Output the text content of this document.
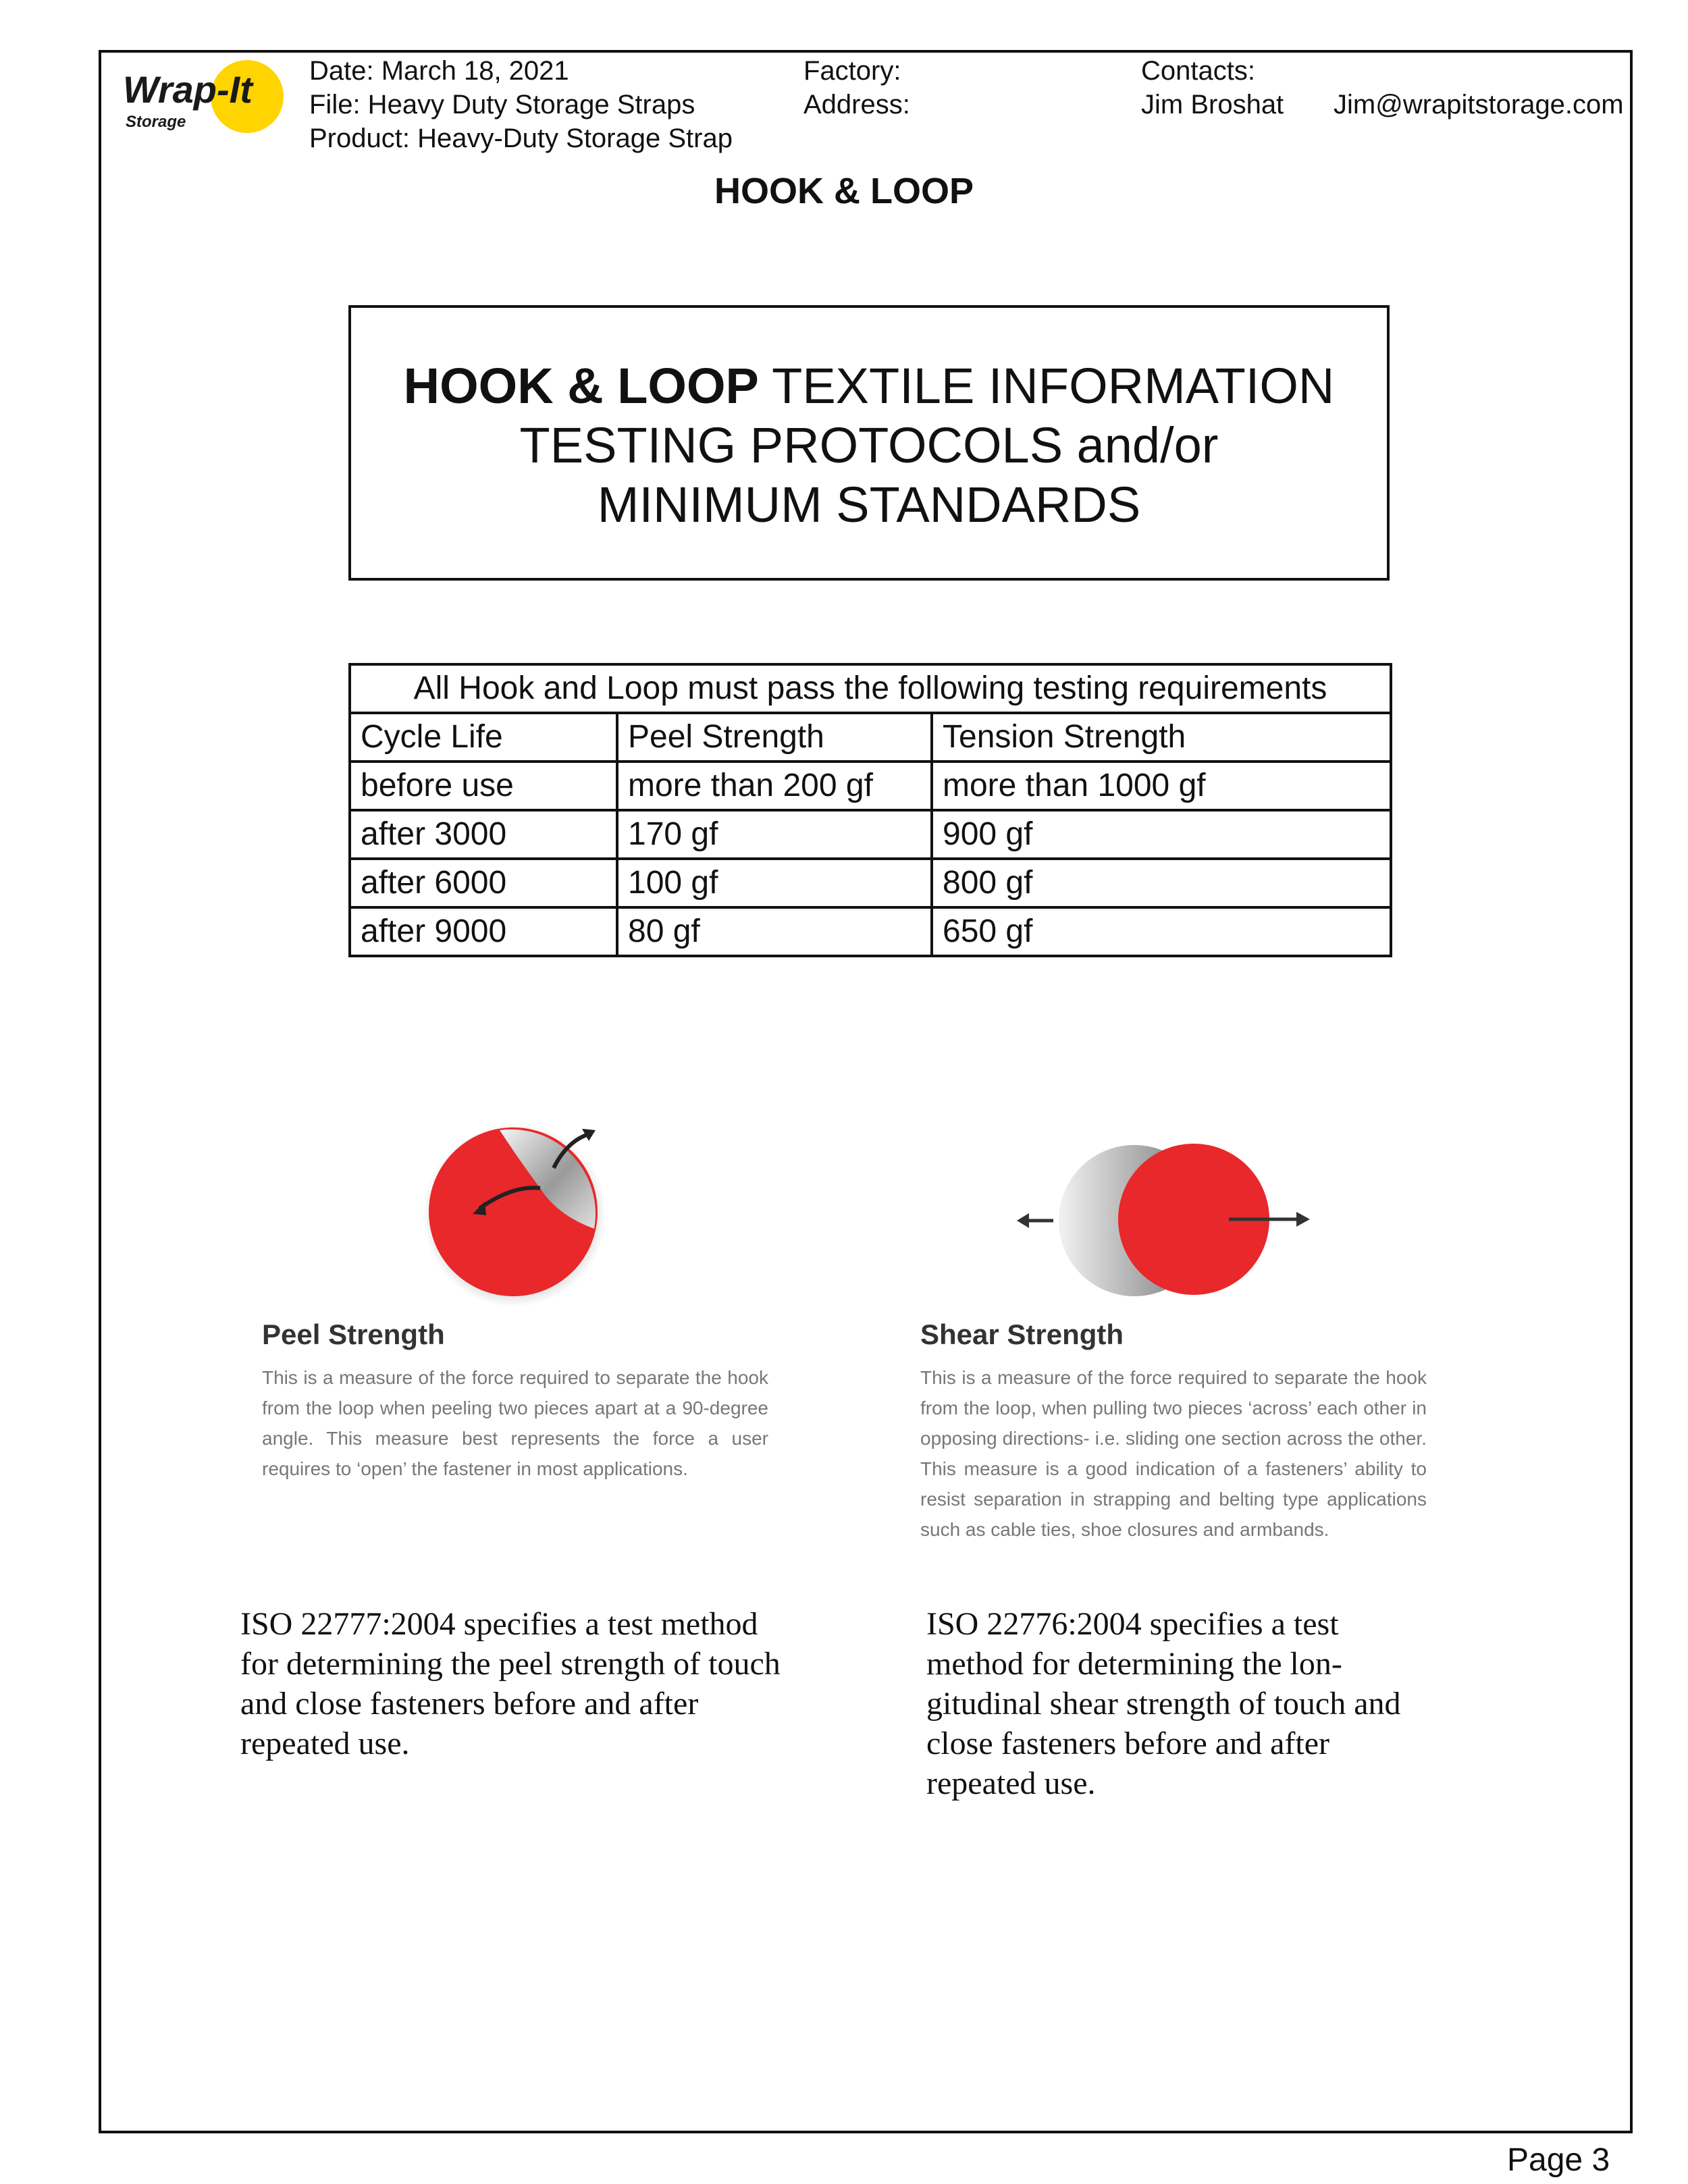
Wrap-It
Storage
Date: March 18, 2021
File: Heavy Duty Storage Straps
Product: Heavy-Duty Storage Strap
Factory:
Address:
Contacts:
Jim Broshat Jim@wrapitstorage.com
HOOK & LOOP
HOOK & LOOP TEXTILE INFORMATION
TESTING PROTOCOLS and/or
MINIMUM STANDARDS
All Hook and Loop must pass the following testing requirements		
Cycle Life	Peel Strength	Tension Strength
before use	more than 200 gf	more than 1000 gf
after 3000	170 gf	900 gf
after 6000	100 gf	800 gf
after 9000	80 gf	650 gf
Peel Strength
This is a measure of the force required to separate the hook from the loop when peeling two pieces apart at a 90-degree angle. This measure best represents the force a user requires to ‘open’ the fastener in most applications.
Shear Strength
This is a measure of the force required to separate the hook from the loop, when pulling two pieces ‘across’ each other in opposing directions- i.e. sliding one section across the other. This measure is a good indication of a fasteners’ ability to resist separation in strapping and belting type applications such as cable ties, shoe closures and armbands.
ISO 22777:2004 specifies a test method for determining the peel strength of touch and close fasteners before and after repeated use.
ISO 22776:2004 specifies a test method for determining the lon-gitudinal shear strength of touch and close fasteners before and after repeated use.
Page 3
